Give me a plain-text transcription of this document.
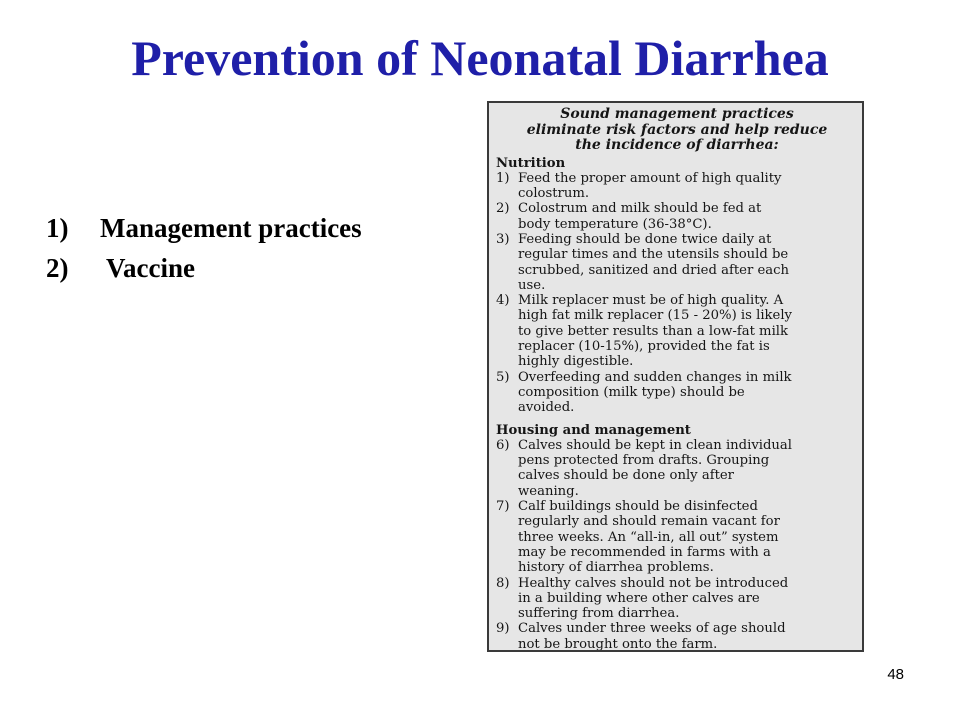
Prevention of Neonatal Diarrhea
1) Management practices
2) Vaccine
Sound management practices
eliminate risk factors and help reduce
the incidence of diarrhea:
Nutrition
1) Feed the proper amount of high quality
colostrum.
2) Colostrum and milk should be fed at
body temperature (36-38°C).
3) Feeding should be done twice daily at
regular times and the utensils should be
scrubbed, sanitized and dried after each
use.
4) Milk replacer must be of high quality. A
high fat milk replacer (15 - 20%) is likely
to give better results than a low-fat milk
replacer (10-15%), provided the fat is
highly digestible.
5) Overfeeding and sudden changes in milk
composition (milk type) should be
avoided.
Housing and management
6) Calves should be kept in clean individual
pens protected from drafts. Grouping
calves should be done only after
weaning.
7) Calf buildings should be disinfected
regularly and should remain vacant for
three weeks. An “all-in, all out” system
may be recommended in farms with a
history of diarrhea problems.
8) Healthy calves should not be introduced
in a building where other calves are
suffering from diarrhea.
9) Calves under three weeks of age should
not be brought onto the farm.
48
